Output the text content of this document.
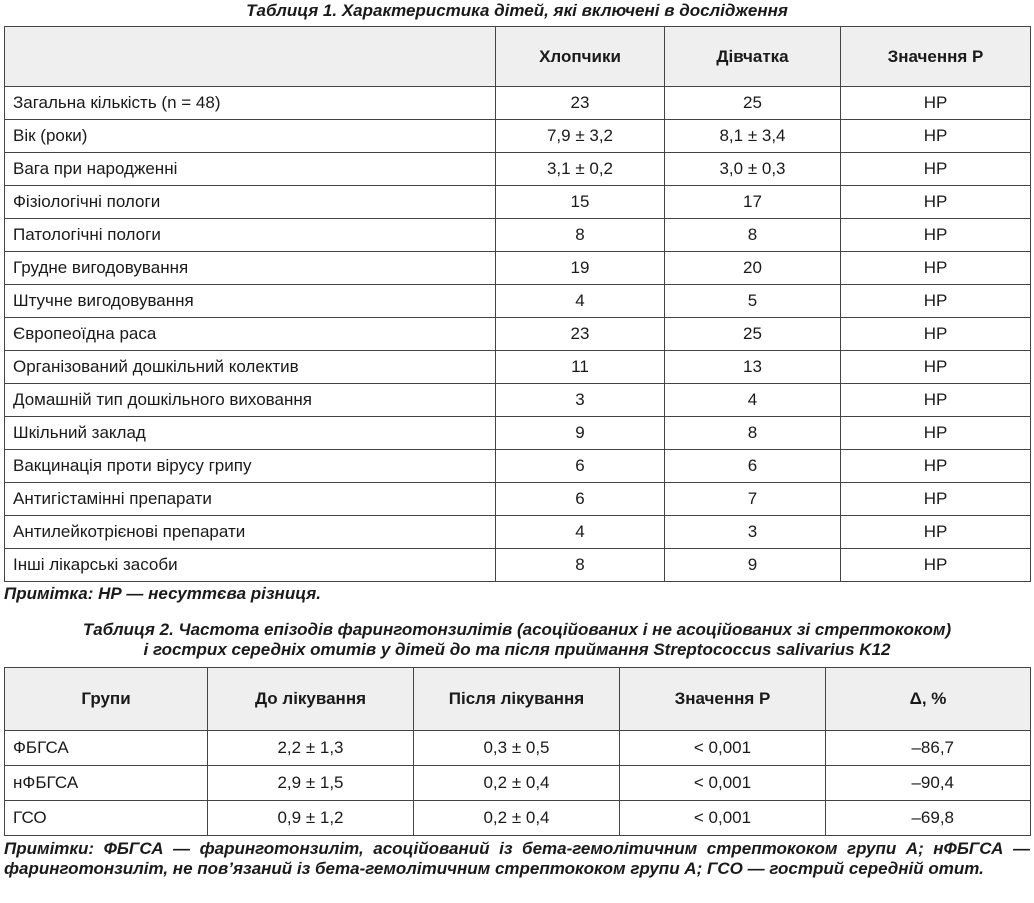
Таблиця 1. Характеристика дітей, які включені в дослідження

	Хлопчики	Дівчатка	Значення Р
Загальна кількість (n = 48)	23	25	НР
Вік (роки)	7,9 ± 3,2	8,1 ± 3,4	НР
Вага при народженні	3,1 ± 0,2	3,0 ± 0,3	НР
Фізіологічні пологи	15	17	НР
Патологічні пологи	8	8	НР
Грудне вигодовування	19	20	НР
Штучне вигодовування	4	5	НР
Європеоїдна раса	23	25	НР
Організований дошкільний колектив	11	13	НР
Домашній тип дошкільного виховання	3	4	НР
Шкільний заклад	9	8	НР
Вакцинація проти вірусу грипу	6	6	НР
Антигістамінні препарати	6	7	НР
Антилейкотрієнові препарати	4	3	НР
Інші лікарські засоби	8	9	НР

Примітка: НР — несуттєва різниця.

Таблиця 2. Частота епізодів фаринготонзилітів (асоційованих і не асоційованих зі стрептококом)

і гострих середніх отитів у дітей до та після приймання Streptococcus salivarius K12

Групи	До лікування	Після лікування	Значення Р	Δ, %
ФБГСА	2,2 ± 1,3	0,3 ± 0,5	< 0,001	–86,7
нФБГСА	2,9 ± 1,5	0,2 ± 0,4	< 0,001	–90,4
ГСО	0,9 ± 1,2	0,2 ± 0,4	< 0,001	–69,8

Примітки: ФБГСА — фаринготонзиліт, асоційований із бета-гемолітичним стрептококом групи А; нФБГСА — фаринготонзиліт, не пов’язаний із бета-гемолітичним стрептококом групи А; ГСО — гострий середній отит.
